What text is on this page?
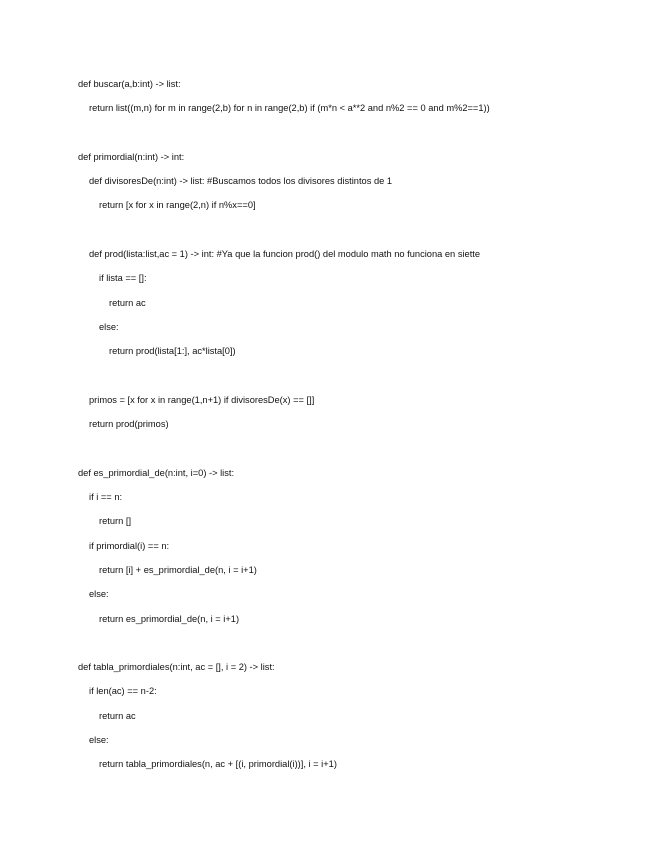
def buscar(a,b:int) -> list:
return list((m,n) for m in range(2,b) for n in range(2,b) if (m*n < a**2 and n%2 == 0 and m%2==1))
def primordial(n:int) -> int:
def divisoresDe(n:int) -> list: #Buscamos todos los divisores distintos de 1
return [x for x in range(2,n) if n%x==0]
def prod(lista:list,ac = 1) -> int: #Ya que la funcion prod() del modulo math no funciona en siette
if lista == []:
return ac
else:
return prod(lista[1:], ac*lista[0])
primos = [x for x in range(1,n+1) if divisoresDe(x) == []]
return prod(primos)
def es_primordial_de(n:int, i=0) -> list:
if i == n:
return []
if primordial(i) == n:
return [i] + es_primordial_de(n, i = i+1)
else:
return es_primordial_de(n, i = i+1)
def tabla_primordiales(n:int, ac = [], i = 2) -> list:
if len(ac) == n-2:
return ac
else:
return tabla_primordiales(n, ac + [(i, primordial(i))], i = i+1)
